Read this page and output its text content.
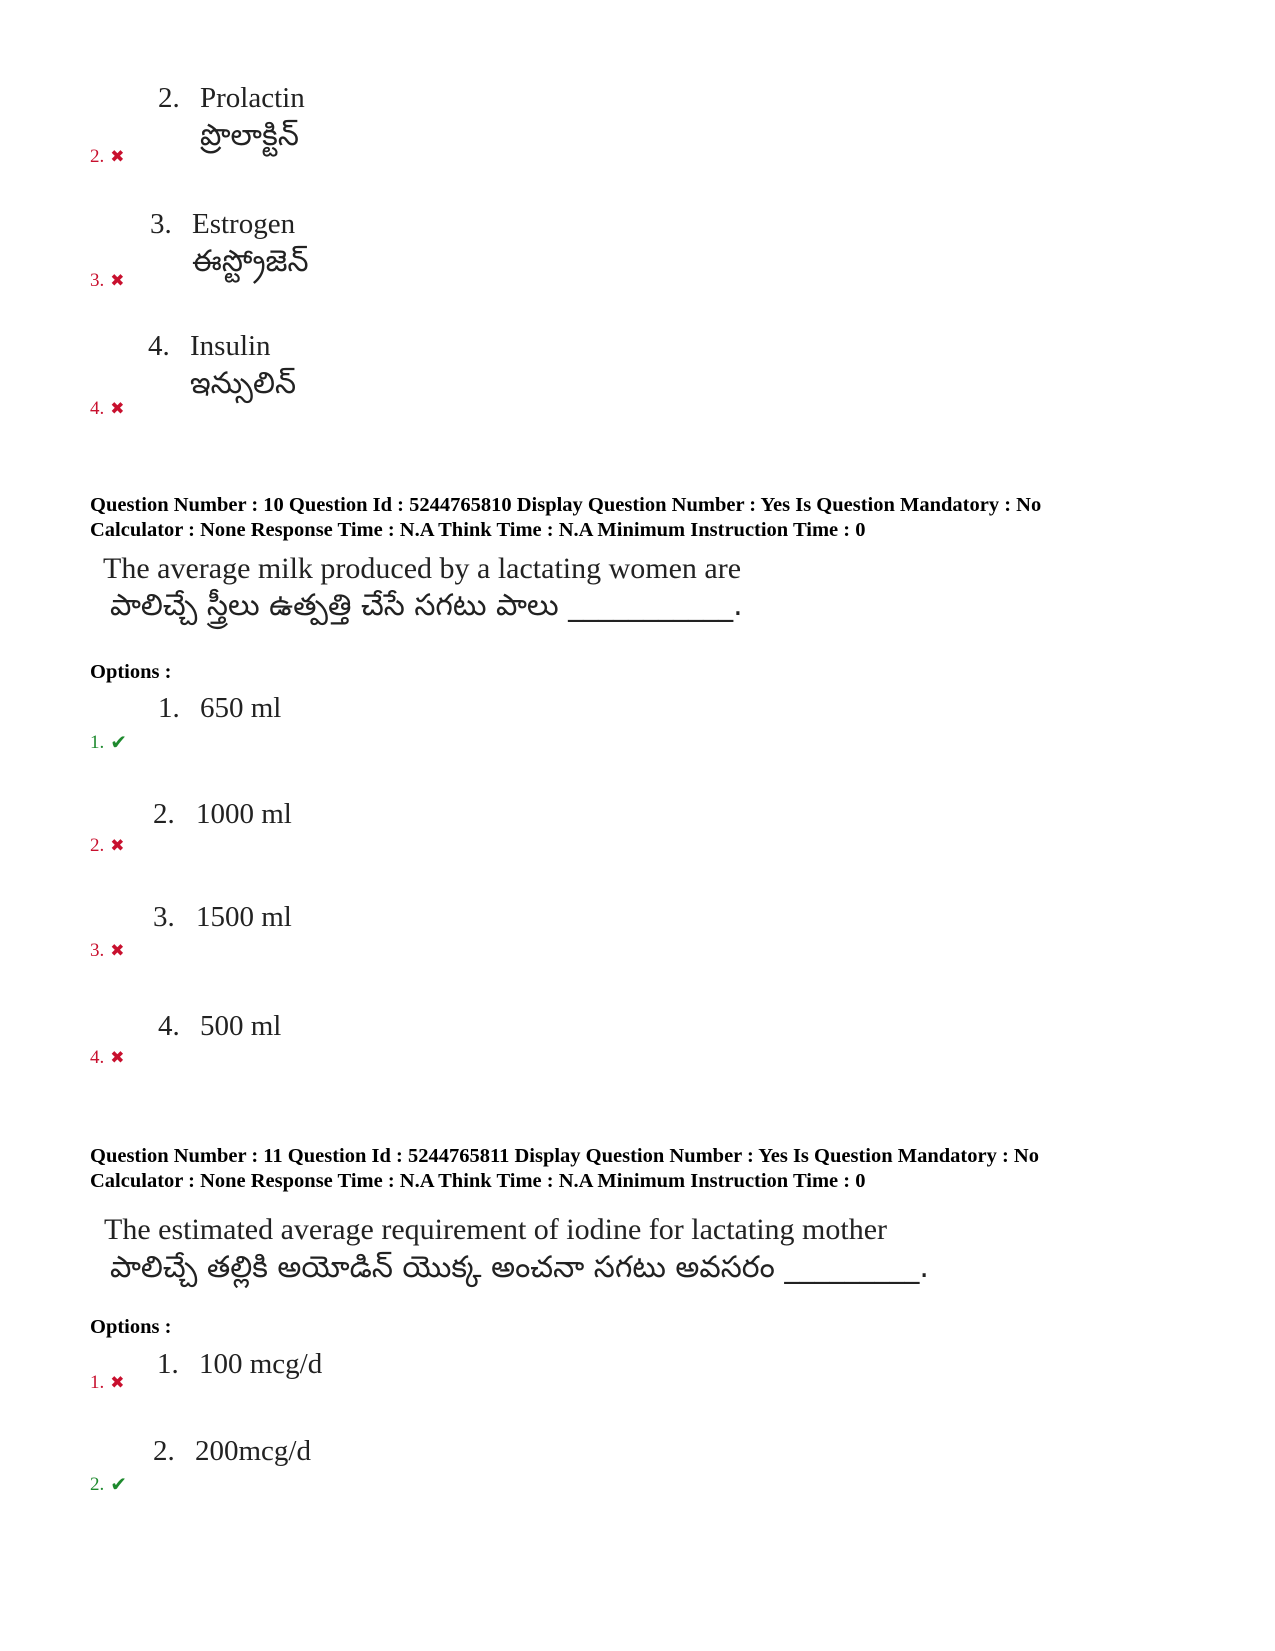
2. Prolactin
ప్రొలాక్టిన్
2. ✖
3. Estrogen
ఈస్ట్రోజెన్
3. ✖
4. Insulin
ఇన్సులిన్
4. ✖
Question Number : 10 Question Id : 5244765810 Display Question Number : Yes Is Question Mandatory : No
Calculator : None Response Time : N.A Think Time : N.A Minimum Instruction Time : 0
The average milk produced by a lactating women are
పాలిచ్చే స్త్రీలు ఉత్పత్తి చేసే సగటు పాలు ___________.
Options :
1. 650 ml
1. ✔
2. 1000 ml
2. ✖
3. 1500 ml
3. ✖
4. 500 ml
4. ✖
Question Number : 11 Question Id : 5244765811 Display Question Number : Yes Is Question Mandatory : No
Calculator : None Response Time : N.A Think Time : N.A Minimum Instruction Time : 0
The estimated average requirement of iodine for lactating mother
పాలిచ్చే తల్లికి అయోడిన్ యొక్క అంచనా సగటు అవసరం _________.
Options :
1. 100 mcg/d
1. ✖
2. 200mcg/d
2. ✔
